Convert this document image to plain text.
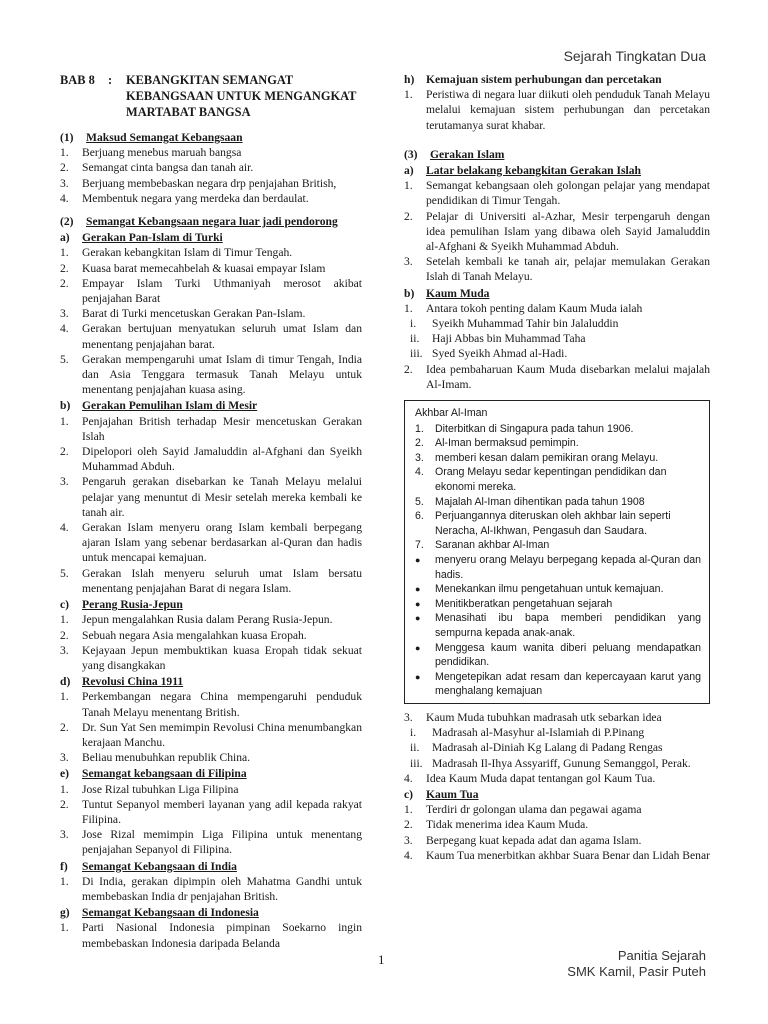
Sejarah Tingkatan Dua
BAB 8	:	KEBANGKITAN SEMANGAT
KEBANGSAAN UNTUK MENGANGKAT
MARTABAT BANGSA
(1)	Maksud Semangat Kebangsaan
1.	Berjuang menebus maruah bangsa
2.	Semangat cinta bangsa dan tanah air.
3.	Berjuang membebaskan negara drp penjajahan British,
4.	Membentuk negara yang merdeka dan berdaulat.
(2)	Semangat Kebangsaan negara luar jadi pendorong
a)	Gerakan Pan-Islam di Turki
1.	Gerakan kebangkitan Islam di Timur Tengah.
2.	Kuasa barat memecahbelah & kuasai empayar Islam
2.	Empayar Islam Turki Uthmaniyah merosot akibat penjajahan Barat
3.	Barat di Turki mencetuskan Gerakan Pan-Islam.
4.	Gerakan bertujuan menyatukan seluruh umat Islam dan menentang penjajahan barat.
5.	Gerakan mempengaruhi umat Islam di timur Tengah, India dan Asia Tenggara termasuk Tanah Melayu untuk menentang penjajahan kuasa asing.
b)	Gerakan Pemulihan Islam di Mesir
1.	Penjajahan British terhadap Mesir mencetuskan Gerakan Islah
2.	Dipelopori oleh Sayid Jamaluddin al-Afghani dan Syeikh Muhammad Abduh.
3.	Pengaruh gerakan disebarkan ke Tanah Melayu melalui pelajar yang menuntut di Mesir setelah mereka kembali ke tanah air.
4.	Gerakan Islam menyeru orang Islam kembali berpegang ajaran Islam yang sebenar berdasarkan al-Quran dan hadis untuk mencapai kemajuan.
5.	Gerakan Islah menyeru seluruh umat Islam bersatu menentang penjajahan Barat di negara Islam.
c)	Perang Rusia-Jepun
1.	Jepun mengalahkan Rusia dalam Perang Rusia-Jepun.
2.	Sebuah negara Asia mengalahkan kuasa Eropah.
3.	Kejayaan Jepun membuktikan kuasa Eropah tidak sekuat yang disangkakan
d)	Revolusi China 1911
1.	Perkembangan negara China mempengaruhi penduduk Tanah Melayu menentang British.
2.	Dr. Sun Yat Sen memimpin Revolusi China menumbangkan kerajaan Manchu.
3.	Beliau menubuhkan republik China.
e)	Semangat kebangsaan di Filipina
1.	Jose Rizal tubuhkan Liga Filipina
2.	Tuntut Sepanyol memberi layanan yang adil kepada rakyat Filipina.
3.	Jose Rizal memimpin Liga Filipina untuk menentang penjajahan Sepanyol di Filipina.
f)	Semangat Kebangsaan di India
1.	Di India, gerakan dipimpin oleh Mahatma Gandhi untuk membebaskan India dr penjajahan British.
g)	Semangat Kebangsaan di Indonesia
1.	Parti Nasional Indonesia pimpinan Soekarno ingin membebaskan Indonesia daripada Belanda
h)	Kemajuan sistem perhubungan dan percetakan
1.	Peristiwa di negara luar diikuti oleh penduduk Tanah Melayu melalui kemajuan sistem perhubungan dan percetakan terutamanya surat khabar.
(3)	Gerakan Islam
a)	Latar belakang kebangkitan Gerakan Islah
1.	Semangat kebangsaan oleh golongan pelajar yang mendapat pendidikan di Timur Tengah.
2.	Pelajar di Universiti al-Azhar, Mesir terpengaruh dengan idea pemulihan Islam yang dibawa oleh Sayid Jamaluddin al-Afghani & Syeikh Muhammad Abduh.
3.	Setelah kembali ke tanah air, pelajar memulakan Gerakan Islah di Tanah Melayu.
b)	Kaum Muda
1.	Antara tokoh penting dalam Kaum Muda ialah
i.	Syeikh Muhammad Tahir bin Jalaluddin
ii.	Haji Abbas bin Muhammad Taha
iii. Syed Syeikh Ahmad al-Hadi.
2.	Idea pembaharuan Kaum Muda disebarkan melalui majalah Al-Imam.
Akhbar Al-Iman
1.	Diterbitkan di Singapura pada tahun 1906.
2.	Al-Iman bermaksud pemimpin.
3.	memberi kesan dalam pemikiran orang Melayu.
4.	Orang Melayu sedar kepentingan pendidikan dan ekonomi mereka.
5.	Majalah Al-Iman dihentikan pada tahun 1908
6.	Perjuangannya diteruskan oleh akhbar lain seperti Neracha, Al-Ikhwan, Pengasuh dan Saudara.
7.	Saranan akhbar Al-Iman
●	menyeru orang Melayu berpegang kepada al-Quran dan hadis.
●	Menekankan ilmu pengetahuan untuk kemajuan.
●	Menitikberatkan pengetahuan sejarah
●	Menasihati ibu bapa memberi pendidikan yang sempurna kepada anak-anak.
●	Menggesa kaum wanita diberi peluang mendapatkan pendidikan.
●	Mengetepikan adat resam dan kepercayaan karut yang menghalang kemajuan
3.	Kaum Muda tubuhkan madrasah utk sebarkan idea
i.	Madrasah al-Masyhur al-Islamiah di P.Pinang
ii.	Madrasah al-Diniah Kg Lalang di Padang Rengas
iii. Madrasah Il-Ihya Assyariff, Gunung Semanggol, Perak.
4.	Idea Kaum Muda dapat tentangan gol Kaum Tua.
c)	Kaum Tua
1.	Terdiri dr golongan ulama dan pegawai agama
2.	Tidak menerima idea Kaum Muda.
3.	Berpegang kuat kepada adat dan agama Islam.
4.	Kaum Tua menerbitkan akhbar Suara Benar dan Lidah Benar
1	Panitia Sejarah
SMK Kamil, Pasir Puteh
